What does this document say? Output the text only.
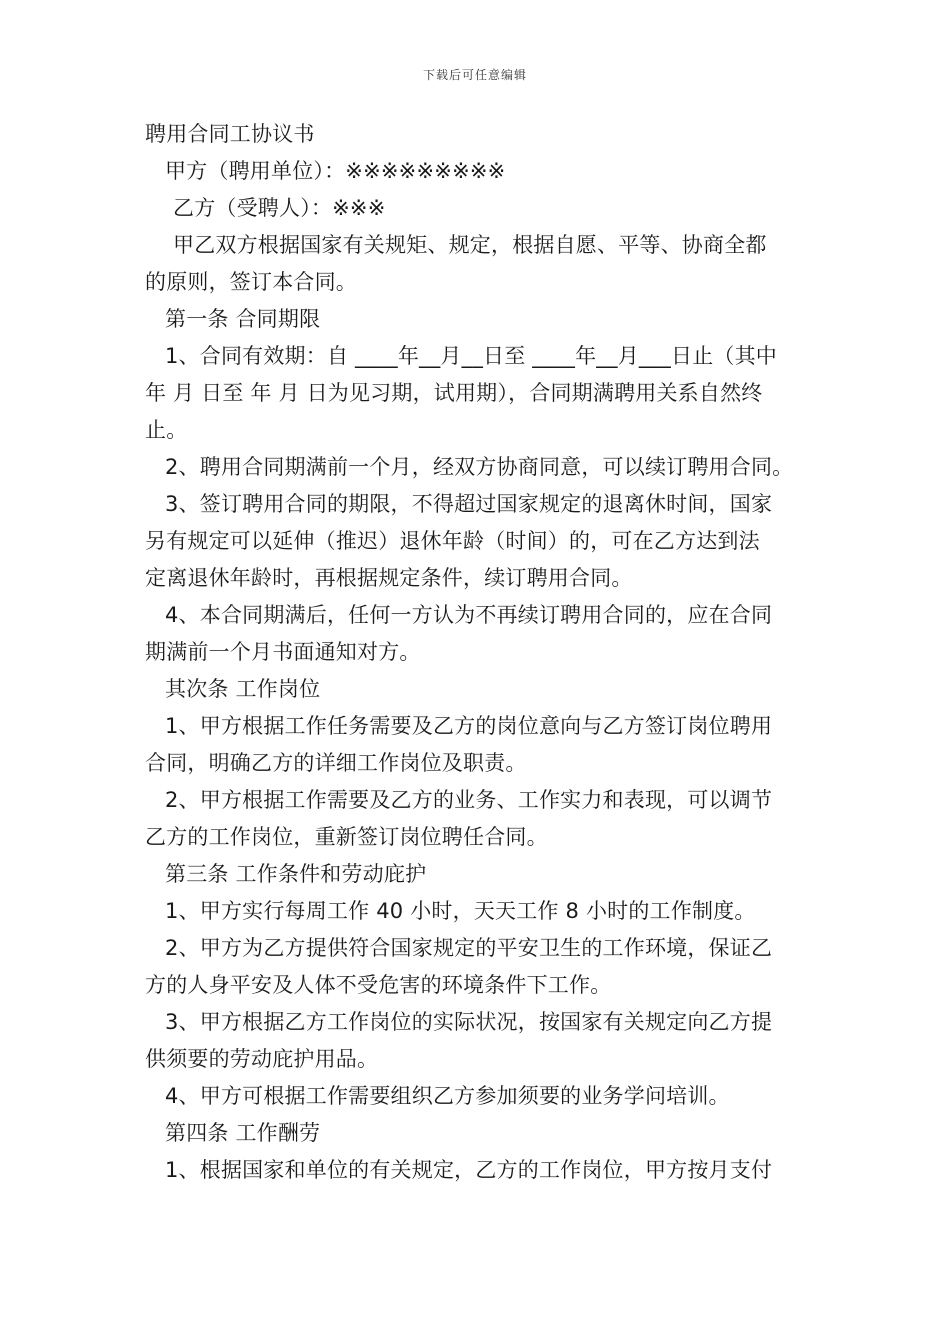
下载后可任意编辑

聘用合同工协议书

甲方（聘用单位）：※※※※※※※※※

乙方（受聘人）：※※※

甲乙双方根据国家有关规矩、规定，根据自愿、平等、协商全都

的原则，签订本合同。

第一条 合同期限

1、合同有效期：自 ____年__月__日至 ____年__月___日止（其中

年 月 日至 年 月 日为见习期，试用期），合同期满聘用关系自然终

止。

2、聘用合同期满前一个月，经双方协商同意，可以续订聘用合同。

3、签订聘用合同的期限，不得超过国家规定的退离休时间，国家

另有规定可以延伸（推迟）退休年龄（时间）的，可在乙方达到法

定离退休年龄时，再根据规定条件，续订聘用合同。

4、本合同期满后，任何一方认为不再续订聘用合同的，应在合同

期满前一个月书面通知对方。

其次条 工作岗位

1、甲方根据工作任务需要及乙方的岗位意向与乙方签订岗位聘用

合同，明确乙方的详细工作岗位及职责。

2、甲方根据工作需要及乙方的业务、工作实力和表现，可以调节

乙方的工作岗位，重新签订岗位聘任合同。

第三条 工作条件和劳动庇护

1、甲方实行每周工作 40 小时，天天工作 8 小时的工作制度。

2、甲方为乙方提供符合国家规定的平安卫生的工作环境，保证乙

方的人身平安及人体不受危害的环境条件下工作。

3、甲方根据乙方工作岗位的实际状况，按国家有关规定向乙方提

供须要的劳动庇护用品。

4、甲方可根据工作需要组织乙方参加须要的业务学问培训。

第四条 工作酬劳

1、根据国家和单位的有关规定，乙方的工作岗位，甲方按月支付
